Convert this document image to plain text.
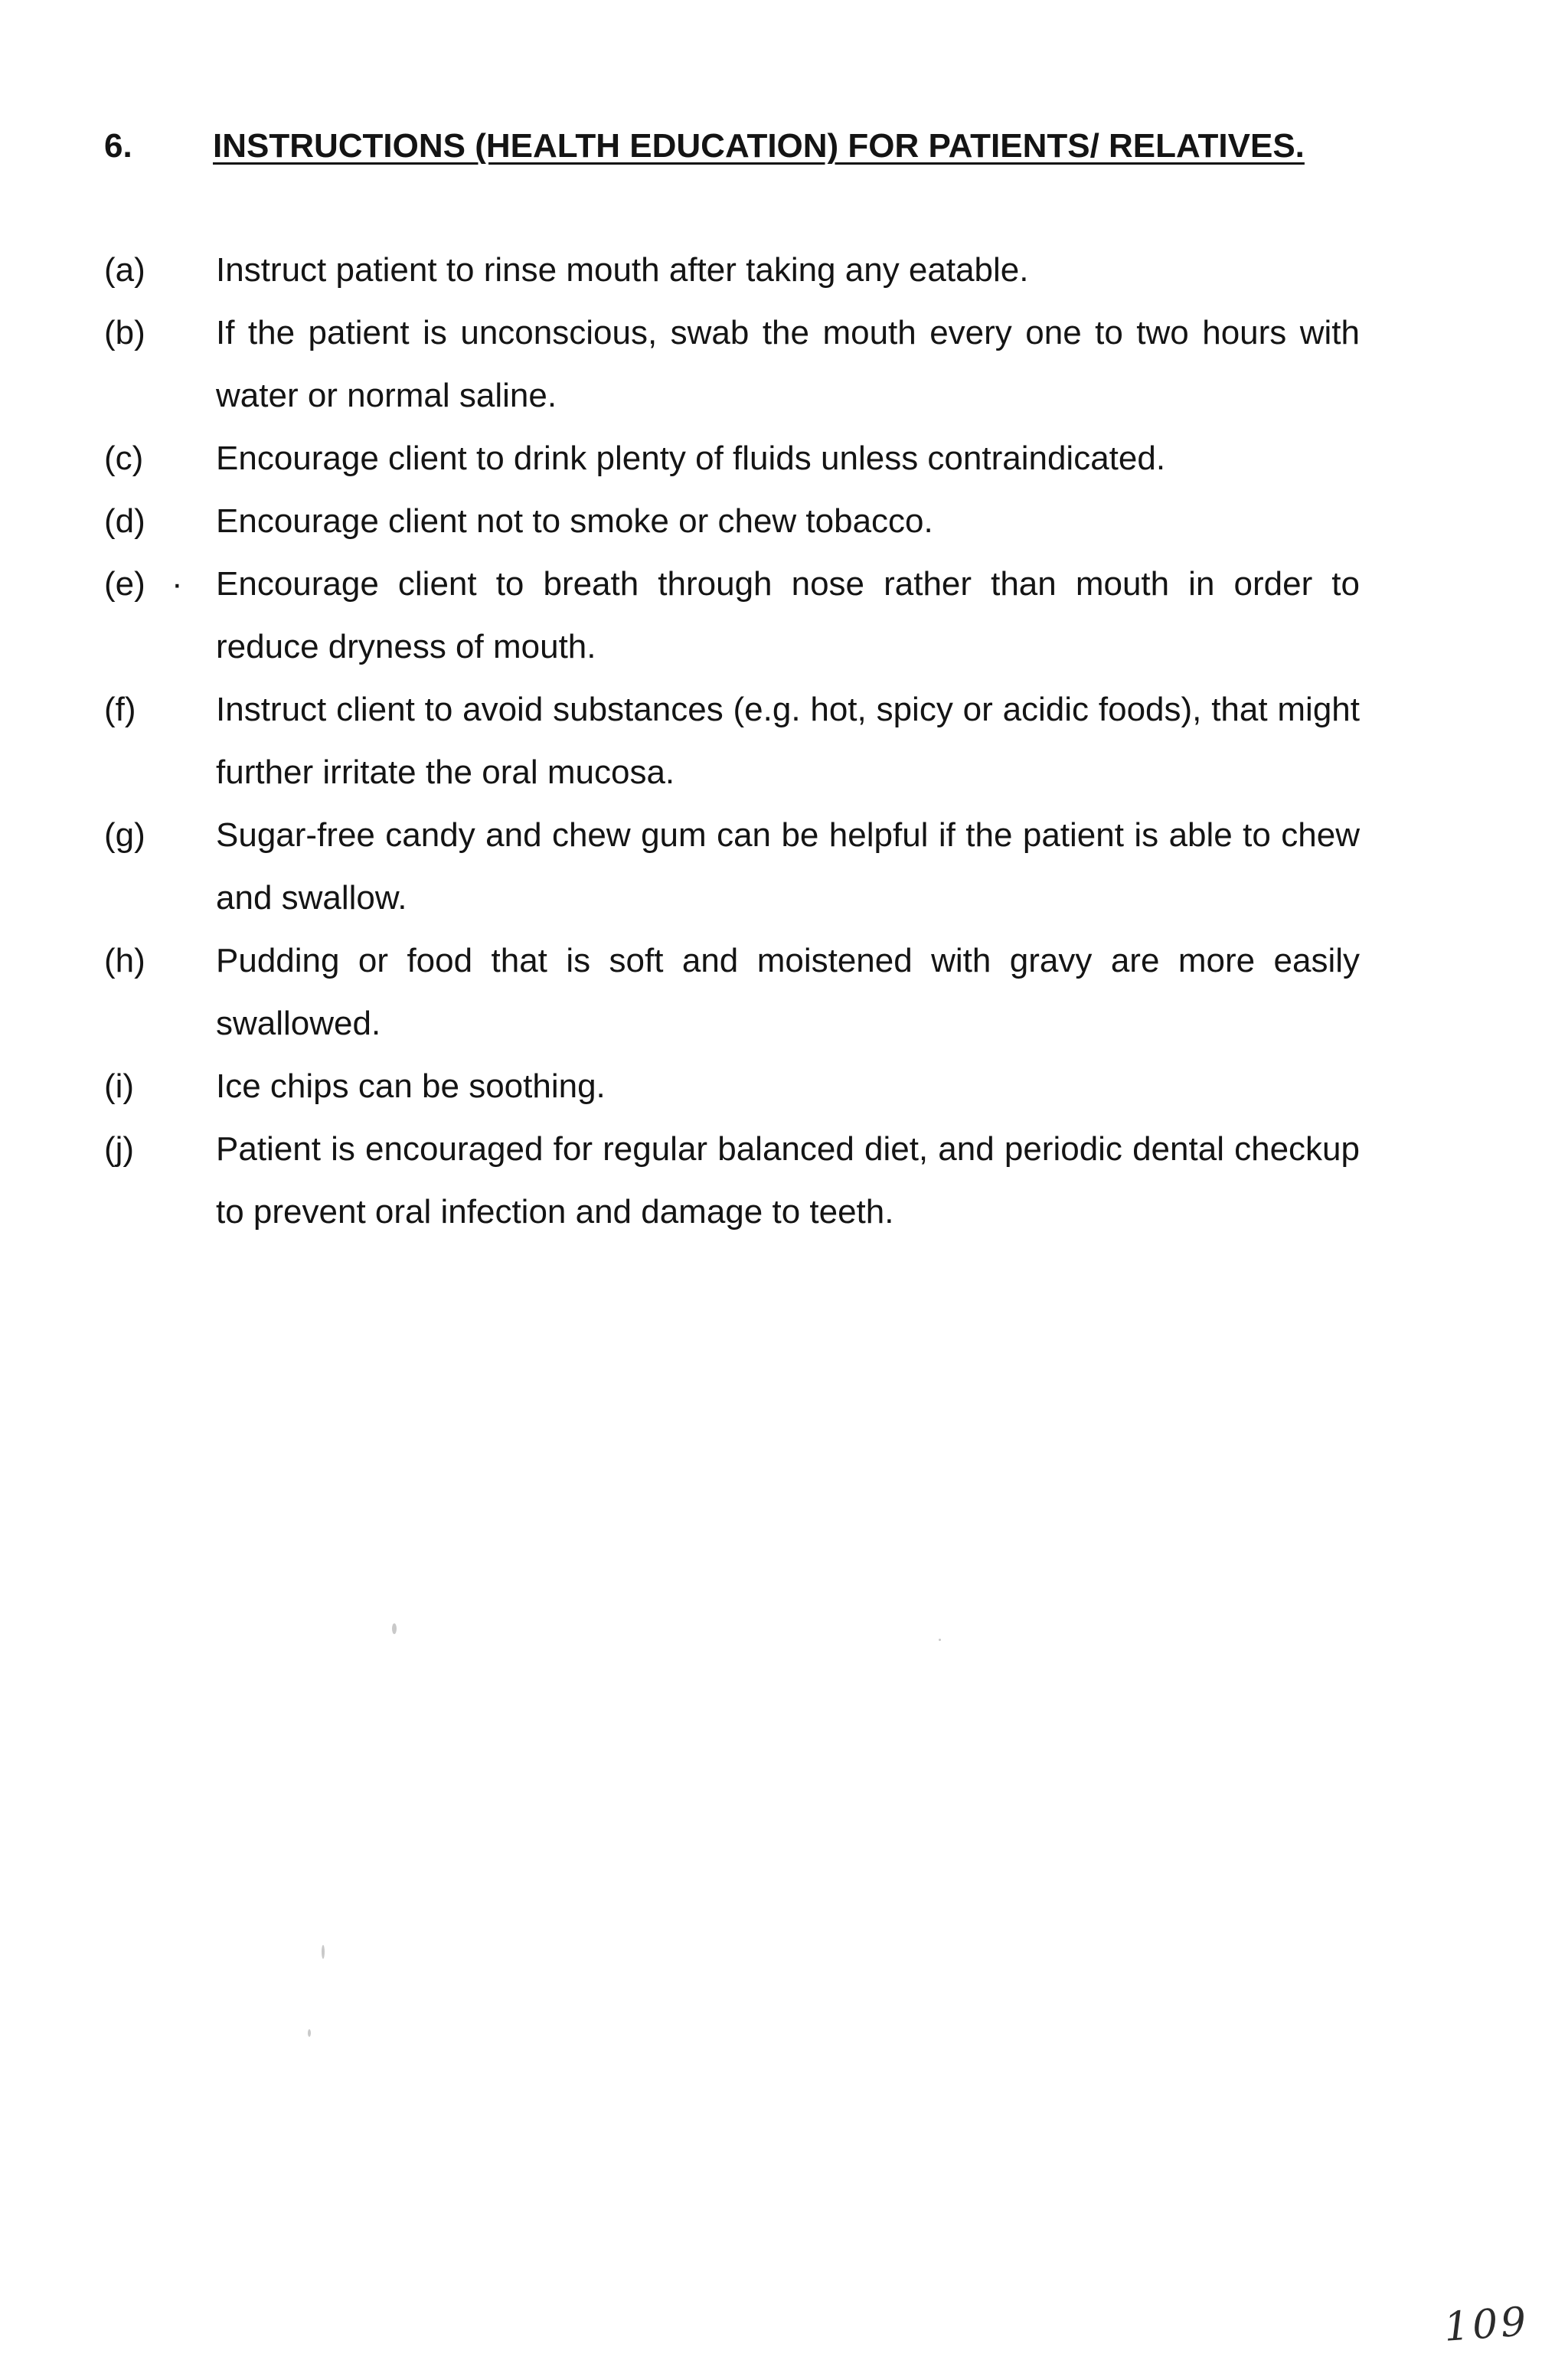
6. INSTRUCTIONS (HEALTH EDUCATION) FOR PATIENTS/ RELATIVES.
(a)	Instruct patient to rinse mouth after taking any eatable.
(b)	If the patient is unconscious, swab the mouth every one to two hours with water or normal saline.
(c)	Encourage client to drink plenty of fluids unless contraindicated.
(d)	Encourage client not to smoke or chew tobacco.
(e) · Encourage client to breath through nose rather than mouth in order to reduce dryness of mouth.
(f)	Instruct client to avoid substances (e.g. hot, spicy or acidic foods), that might further irritate the oral mucosa.
(g)	Sugar-free candy and chew gum can be helpful if the patient is able to chew and swallow.
(h)	Pudding or food that is soft and moistened with gravy are more easily swallowed.
(i)	Ice chips can be soothing.
(j)	Patient is encouraged for regular balanced diet, and periodic dental checkup to prevent oral infection and damage to teeth.
109
